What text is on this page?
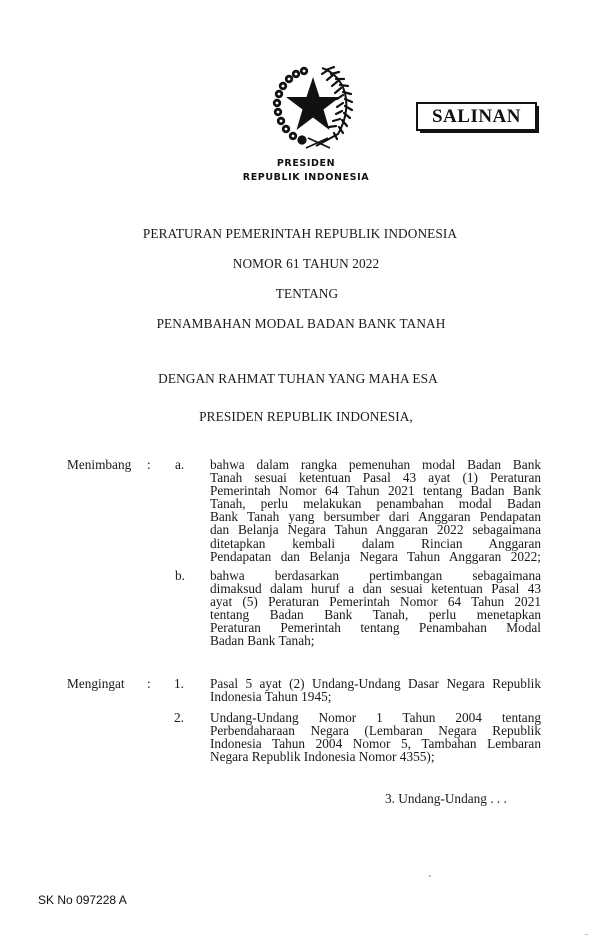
SALINAN
PRESIDEN
REPUBLIK INDONESIA
PERATURAN PEMERINTAH REPUBLIK INDONESIA
NOMOR 61 TAHUN 2022
TENTANG
PENAMBAHAN MODAL BADAN BANK TANAH
DENGAN RAHMAT TUHAN YANG MAHA ESA
PRESIDEN REPUBLIK INDONESIA,
Menimbang : a. bahwa dalam rangka pemenuhan modal Badan Bank
Tanah sesuai ketentuan Pasal 43 ayat (1) Peraturan
Pemerintah Nomor 64 Tahun 2021 tentang Badan Bank
Tanah, perlu melakukan penambahan modal Badan
Bank Tanah yang bersumber dari Anggaran Pendapatan
dan Belanja Negara Tahun Anggaran 2022 sebagaimana
ditetapkan kembali dalam Rincian Anggaran
Pendapatan dan Belanja Negara Tahun Anggaran 2022;
b. bahwa berdasarkan pertimbangan sebagaimana
dimaksud dalam huruf a dan sesuai ketentuan Pasal 43
ayat (5) Peraturan Pemerintah Nomor 64 Tahun 2021
tentang Badan Bank Tanah, perlu menetapkan
Peraturan Pemerintah tentang Penambahan Modal
Badan Bank Tanah;
Mengingat : 1. Pasal 5 ayat (2) Undang-Undang Dasar Negara Republik
Indonesia Tahun 1945;
2. Undang-Undang Nomor 1 Tahun 2004 tentang
Perbendaharaan Negara (Lembaran Negara Republik
Indonesia Tahun 2004 Nomor 5, Tambahan Lembaran
Negara Republik Indonesia Nomor 4355);
3. Undang-Undang . . .
SK No 097228 A
